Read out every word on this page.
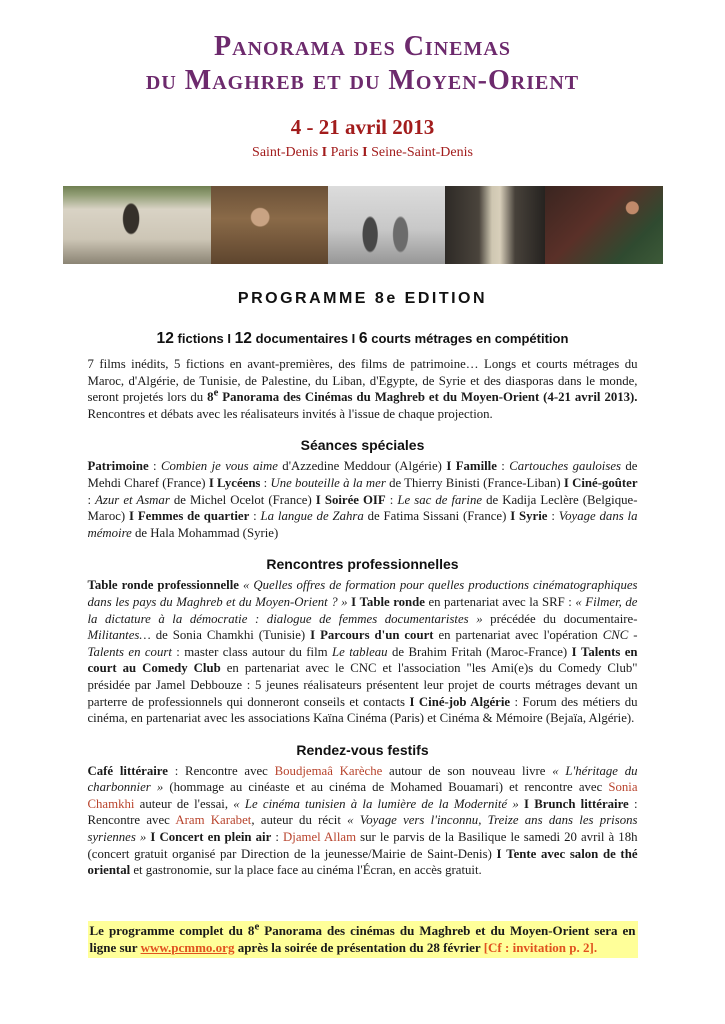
Panorama des Cinemas
du Maghreb et du Moyen-Orient
4 - 21 avril 2013
Saint-Denis I Paris I Seine-Saint-Denis
PROGRAMME 8e EDITION

12 fictions I 12 documentaires I 6 courts métrages en compétition

7 films inédits, 5 fictions en avant-premières, des films de patrimoine… Longs et courts métrages du Maroc, d'Algérie, de Tunisie, de Palestine, du Liban, d'Egypte, de Syrie et des diasporas dans le monde, seront projetés lors du 8e Panorama des Cinémas du Maghreb et du Moyen-Orient (4-21 avril 2013). Rencontres et débats avec les réalisateurs invités à l'issue de chaque projection.

Séances spéciales

Patrimoine : Combien je vous aime d'Azzedine Meddour (Algérie) I Famille : Cartouches gauloises de Mehdi Charef (France) I Lycéens : Une bouteille à la mer de Thierry Binisti (France-Liban) I Ciné-goûter : Azur et Asmar de Michel Ocelot (France) I Soirée OIF : Le sac de farine de Kadija Leclère (Belgique-Maroc) I Femmes de quartier : La langue de Zahra de Fatima Sissani (France) I Syrie : Voyage dans la mémoire de Hala Mohammad (Syrie)

Rencontres professionnelles

Table ronde professionnelle « Quelles offres de formation pour quelles productions cinématographiques dans les pays du Maghreb et du Moyen-Orient ? » I Table ronde en partenariat avec la SRF : « Filmer, de la dictature à la démocratie : dialogue de femmes documentaristes » précédée du documentaire-Militantes… de Sonia Chamkhi (Tunisie) I Parcours d'un court en partenariat avec l'opération CNC - Talents en court : master class autour du film Le tableau de Brahim Fritah (Maroc-France) I Talents en court au Comedy Club en partenariat avec le CNC et l'association "les Ami(e)s du Comedy Club" présidée par Jamel Debbouze : 5 jeunes réalisateurs présentent leur projet de courts métrages devant un parterre de professionnels qui donneront conseils et contacts I Ciné-job Algérie : Forum des métiers du cinéma, en partenariat avec les associations Kaïna Cinéma (Paris) et Cinéma & Mémoire (Bejaïa, Algérie).

Rendez-vous festifs

Café littéraire : Rencontre avec Boudjemaâ Karèche autour de son nouveau livre « L'héritage du charbonnier » (hommage au cinéaste et au cinéma de Mohamed Bouamari) et rencontre avec Sonia Chamkhi auteur de l'essai, « Le cinéma tunisien à la lumière de la Modernité » I Brunch littéraire : Rencontre avec Aram Karabet, auteur du récit « Voyage vers l'inconnu, Treize ans dans les prisons syriennes » I Concert en plein air : Djamel Allam sur le parvis de la Basilique le samedi 20 avril à 18h (concert gratuit organisé par Direction de la jeunesse/Mairie de Saint-Denis) I Tente avec salon de thé oriental et gastronomie, sur la place face au cinéma l'Écran, en accès gratuit.

Le programme complet du 8e Panorama des cinémas du Maghreb et du Moyen-Orient sera en ligne sur www.pcmmo.org après la soirée de présentation du 28 février [Cf : invitation p. 2].
